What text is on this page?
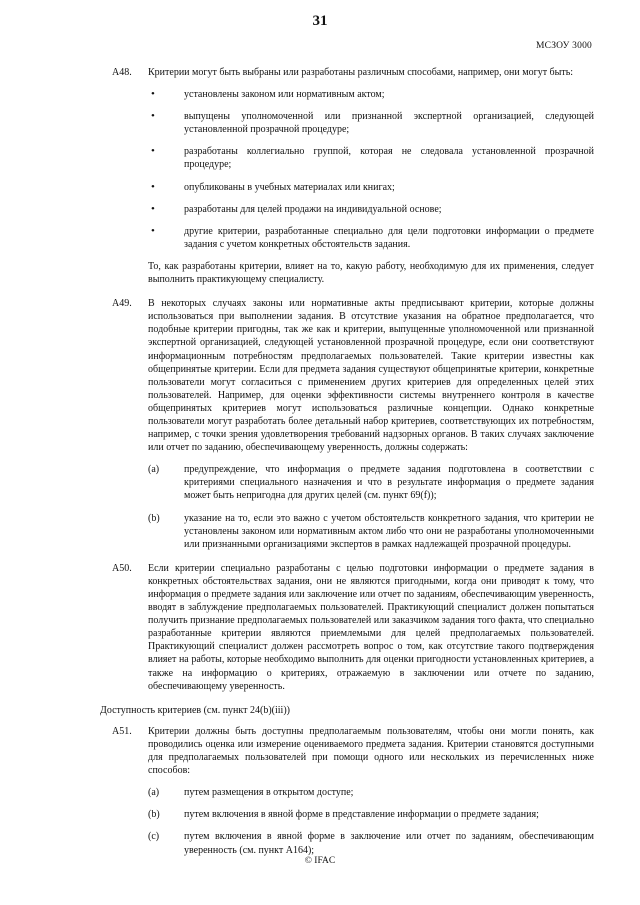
31
МСЗОУ 3000
A48. Критерии могут быть выбраны или разработаны различным способами, например, они могут быть:
•	установлены законом или нормативным актом;
•	выпущены уполномоченной или признанной экспертной организацией, следующей установленной прозрачной процедуре;
•	разработаны коллегиально группой, которая не следовала установленной прозрачной процедуре;
•	опубликованы в учебных материалах или книгах;
•	разработаны для целей продажи на индивидуальной основе;
•	другие критерии, разработанные специально для цели подготовки информации о предмете задания с учетом конкретных обстоятельств задания.

То, как разработаны критерии, влияет на то, какую работу, необходимую для их применения, следует выполнить практикующему специалисту.

A49. В некоторых случаях законы или нормативные акты предписывают критерии, которые должны использоваться при выполнении задания. В отсутствие указания на обратное предполагается, что подобные критерии пригодны, так же как и критерии, выпущенные уполномоченной или признанной экспертной организацией, следующей установленной прозрачной процедуре, если они соответствуют информационным потребностям предполагаемых пользователей. Такие критерии известны как общепринятые критерии. Если для предмета задания существуют общепринятые критерии, конкретные пользователи могут согласиться с применением других критериев для определенных целей этих пользователей. Например, для оценки эффективности системы внутреннего контроля в качестве общепринятых критериев могут использоваться различные концепции. Однако конкретные пользователи могут разработать более детальный набор критериев, соответствующих их потребностям, например, с точки зрения удовлетворения требований надзорных органов. В таких случаях заключение или отчет по заданию, обеспечивающему уверенность, должны содержать:
(a) предупреждение, что информация о предмете задания подготовлена в соответствии с критериями специального назначения и что в результате информация о предмете задания может быть непригодна для других целей (см. пункт 69(f));
(b) указание на то, если это важно с учетом обстоятельств конкретного задания, что критерии не установлены законом или нормативным актом либо что они не разработаны уполномоченными или признанными организациями экспертов в рамках надлежащей прозрачной процедуры.
A50. Если критерии специально разработаны с целью подготовки информации о предмете задания в конкретных обстоятельствах задания, они не являются пригодными, когда они приводят к тому, что информация о предмете задания или заключение или отчет по заданиям, обеспечивающим уверенность, вводят в заблуждение предполагаемых пользователей. Практикующий специалист должен попытаться получить признание предполагаемых пользователей или заказчиком задания того факта, что специально разработанные критерии являются приемлемыми для целей предполагаемых пользователей. Практикующий специалист должен рассмотреть вопрос о том, как отсутствие такого подтверждения влияет на работы, которые необходимо выполнить для оценки пригодности установленных критериев, а также на информацию о критериях, отражаемую в заключении или отчете по заданию, обеспечивающему уверенность.
Доступность критериев (см. пункт 24(b)(iii))
A51. Критерии должны быть доступны предполагаемым пользователям, чтобы они могли понять, как проводились оценка или измерение оцениваемого предмета задания. Критерии становятся доступными для предполагаемых пользователей при помощи одного или нескольких из перечисленных ниже способов:
(a) путем размещения в открытом доступе;
(b) путем включения в явной форме в представление информации о предмете задания;
(c) путем включения в явной форме в заключение или отчет по заданиям, обеспечивающим уверенность (см. пункт A164);
© IFAC
